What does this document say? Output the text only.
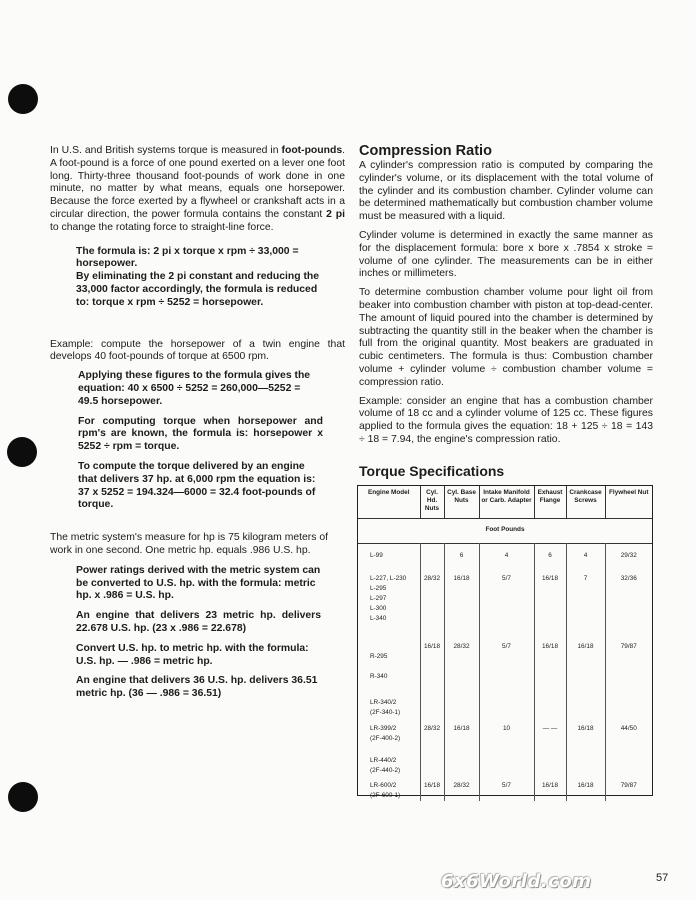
In U.S. and British systems torque is measured in foot-pounds. A foot-pound is a force of one pound exerted on a lever one foot long. Thirty-three thousand foot-pounds of work done in one minute, no matter by what means, equals one horsepower. Because the force exerted by a flywheel or crankshaft acts in a circular direction, the power formula contains the constant 2 pi to change the rotating force to straight-line force.

The formula is: 2 pi x torque x rpm ÷ 33,000 = horsepower.

By eliminating the 2 pi constant and reducing the 33,000 factor accordingly, the formula is reduced to: torque x rpm ÷ 5252 = horsepower.

Example: compute the horsepower of a twin engine that develops 40 foot-pounds of torque at 6500 rpm.

Applying these figures to the formula gives the equation: 40 x 6500 ÷ 5252 = 260,000—5252 = 49.5 horsepower.

For computing torque when horsepower and rpm's are known, the formula is: horsepower x 5252 ÷ rpm = torque.

To compute the torque delivered by an engine that delivers 37 hp. at 6,000 rpm the equation is: 37 x 5252 = 194.324—6000 = 32.4 foot-pounds of torque.

The metric system's measure for hp is 75 kilogram meters of work in one second. One metric hp. equals .986 U.S. hp.

Power ratings derived with the metric system can be converted to U.S. hp. with the formula: metric hp. x .986 = U.S. hp.

An engine that delivers 23 metric hp. delivers 22.678 U.S. hp. (23 x .986 = 22.678)

Convert U.S. hp. to metric hp. with the formula: U.S. hp. — .986 = metric hp.

An engine that delivers 36 U.S. hp. delivers 36.51 metric hp. (36 — .986 = 36.51)

Compression Ratio

A cylinder's compression ratio is computed by comparing the cylinder's volume, or its displacement with the total volume of the cylinder and its combustion chamber. Cylinder volume can be determined mathematically but combustion chamber volume must be measured with a liquid.

Cylinder volume is determined in exactly the same manner as for the displacement formula: bore x bore x .7854 x stroke = volume of one cylinder. The measurements can be in either inches or millimeters.

To determine combustion chamber volume pour light oil from beaker into combustion chamber with piston at top-dead-center. The amount of liquid poured into the chamber is determined by subtracting the quantity still in the beaker when the chamber is full from the original quantity. Most beakers are graduated in cubic centimeters. The formula is thus: Combustion chamber volume + cylinder volume ÷ combustion chamber volume = compression ratio.

Example: consider an engine that has a combustion chamber volume of 18 cc and a cylinder volume of 125 cc. These figures applied to the formula gives the equation: 18 + 125 ÷ 18 = 143 ÷ 18 = 7.94, the engine's compression ratio.

Torque Specifications
Engine Model	Cyl. Hd. Nuts	Cyl. Base Nuts	Intake Manifold or Carb. Adapter	Exhaust Flange	Crankcase Screws	Flywheel Nut
Foot Pounds						

L-99		6	4	6	4	29/32

L-227, L-230
L-295
L-297
L-300
L-340	28/32	16/18	5/7	16/18	7	32/36

R-295
R-340	16/18	28/32	5/7	16/18	16/18	79/87

LR-340/2
(2F-340-1)						

LR-399/2
(2F-400-2)	28/32	16/18	10	— —	16/18	44/50

LR-440/2
(2F-440-2)						

LR-600/2
(2F-600-1)	16/18	28/32	5/7	16/18	16/18	79/87
6x6World.com	57
